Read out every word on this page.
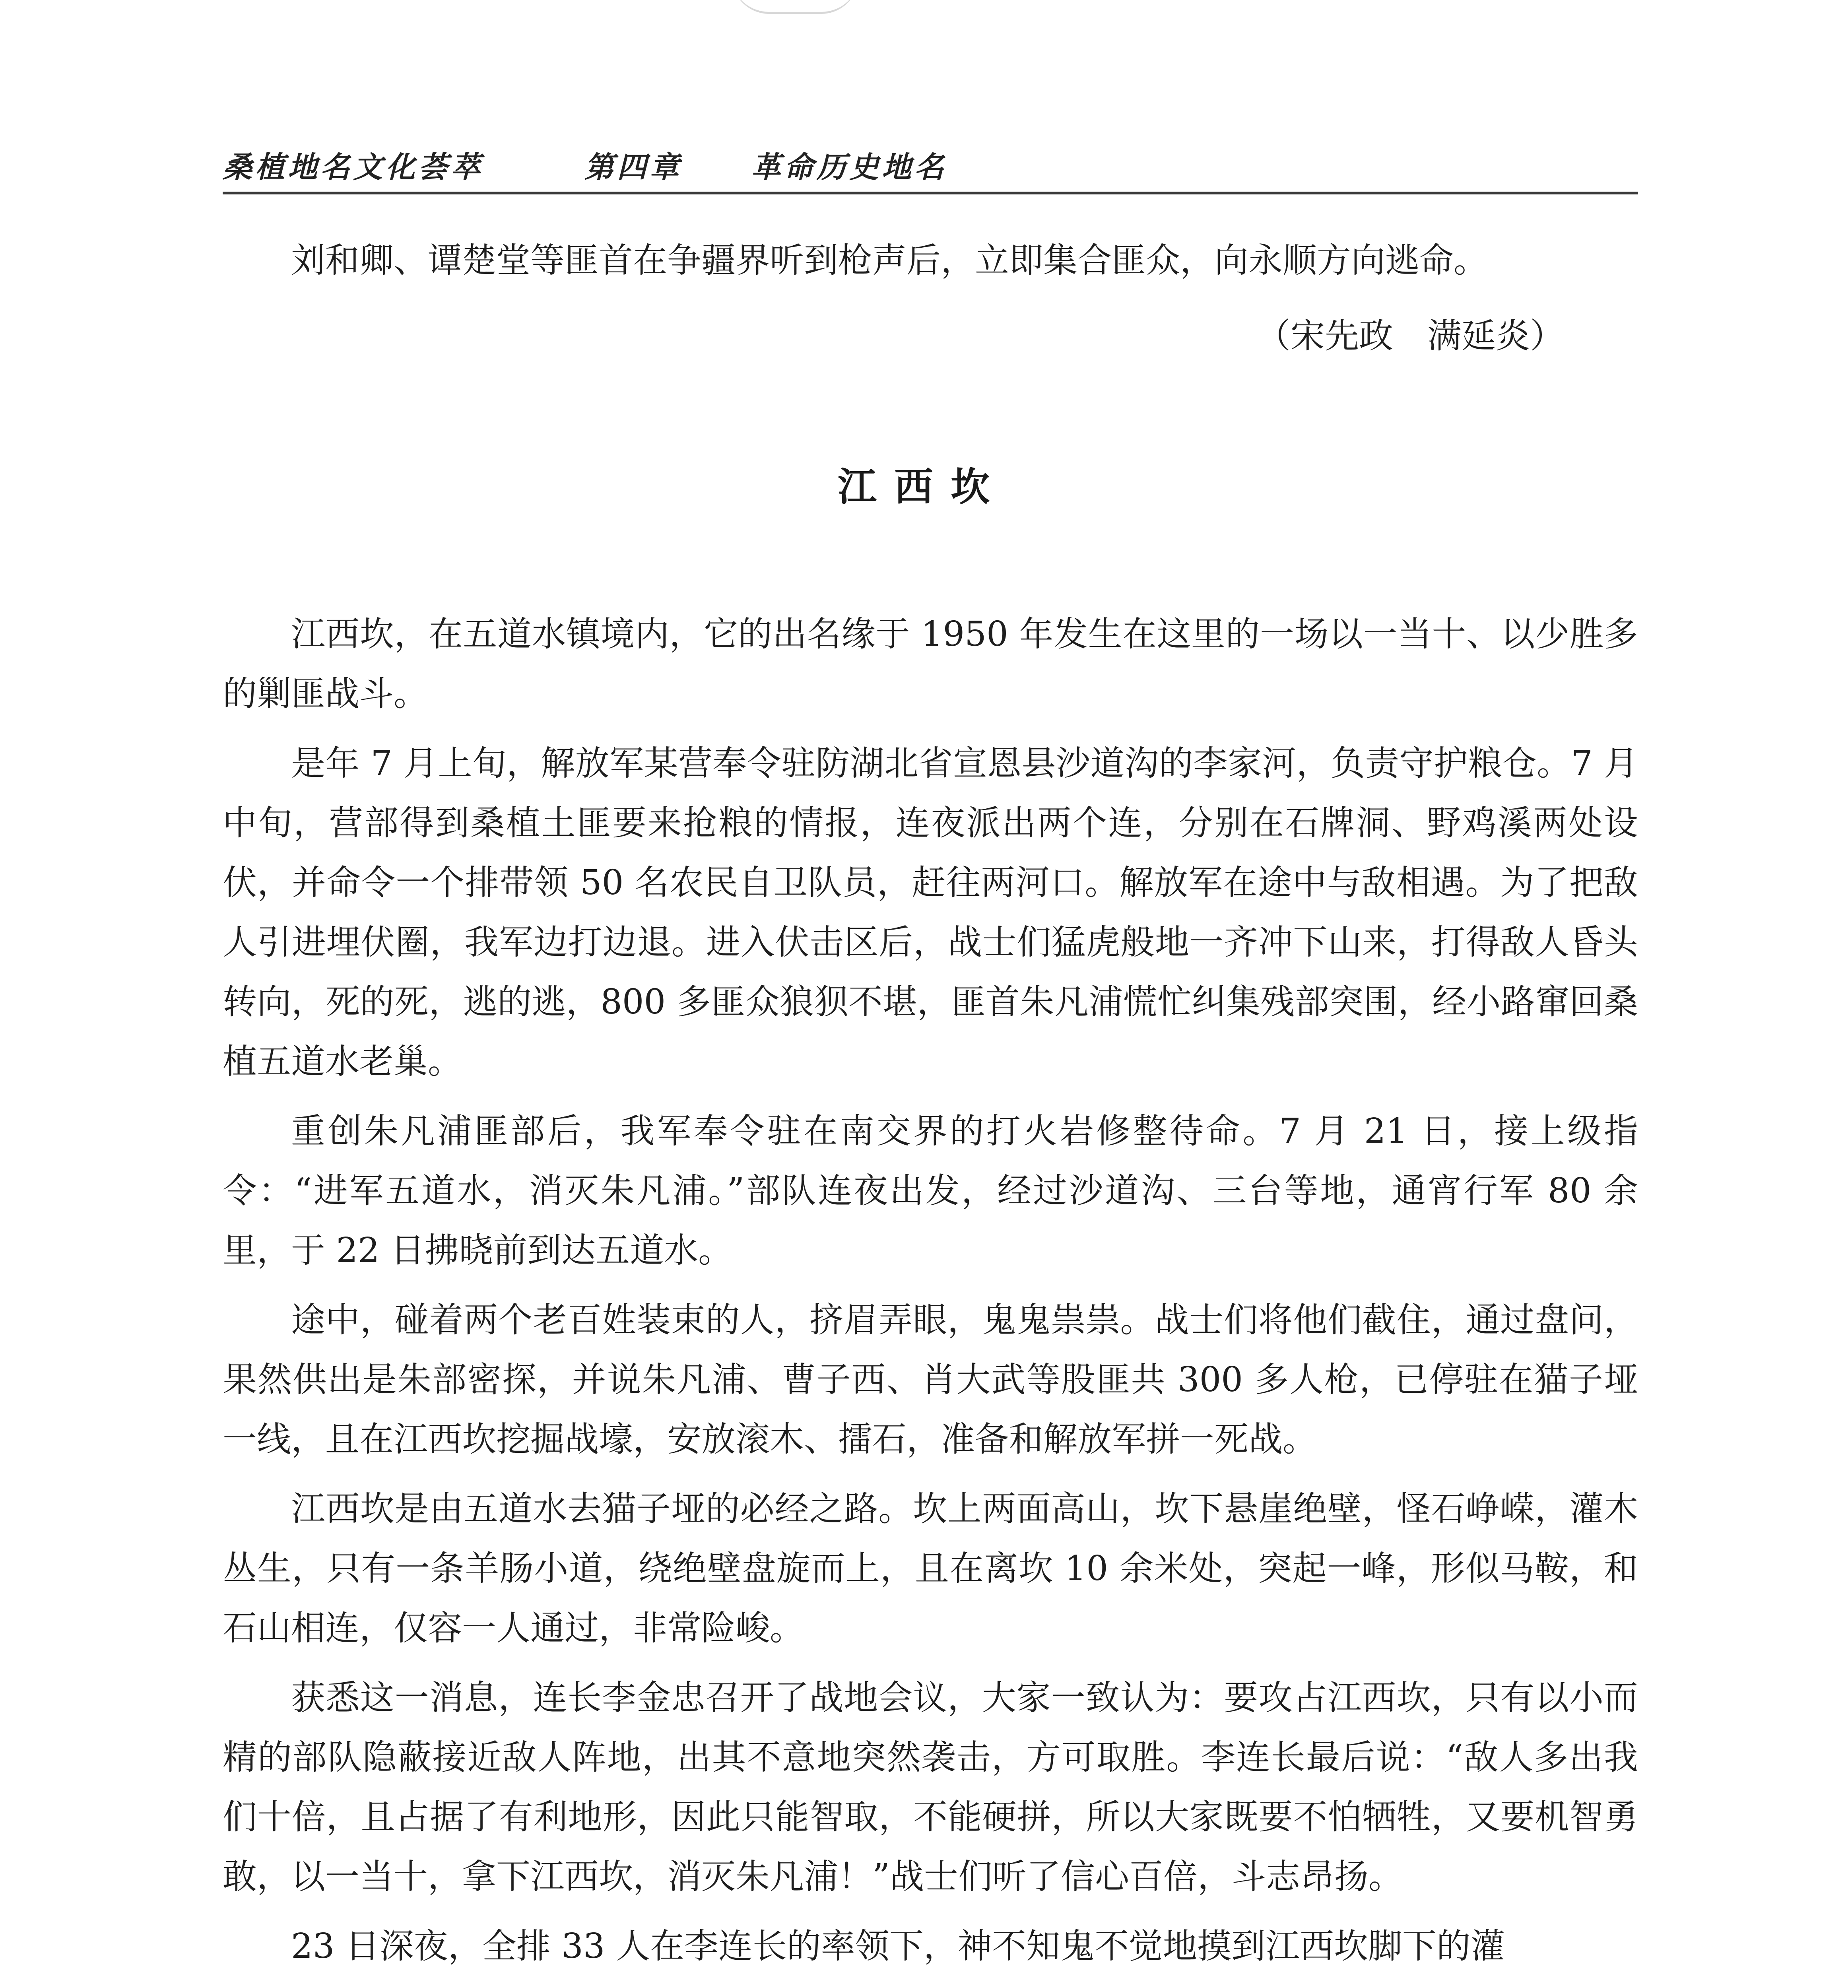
桑植地名文化荟萃	第四章	革命历史地名
刘和卿、谭楚堂等匪首在争疆界听到枪声后，立即集合匪众，向永顺方向逃命。
（宋先政　满延炎）
江西坎

江西坎，在五道水镇境内，它的出名缘于 1950 年发生在这里的一场以一当十、以少胜多的剿匪战斗。

是年 7 月上旬，解放军某营奉令驻防湖北省宣恩县沙道沟的李家河，负责守护粮仓。7 月中旬，营部得到桑植土匪要来抢粮的情报，连夜派出两个连，分别在石牌洞、野鸡溪两处设伏，并命令一个排带领 50 名农民自卫队员，赶往两河口。解放军在途中与敌相遇。为了把敌人引进埋伏圈，我军边打边退。进入伏击区后，战士们猛虎般地一齐冲下山来，打得敌人昏头转向，死的死，逃的逃，800 多匪众狼狈不堪，匪首朱凡浦慌忙纠集残部突围，经小路窜回桑植五道水老巢。

重创朱凡浦匪部后，我军奉令驻在南交界的打火岩修整待命。7 月 21 日，接上级指令：“进军五道水，消灭朱凡浦。”部队连夜出发，经过沙道沟、三台等地，通宵行军 80 余里，于 22 日拂晓前到达五道水。

途中，碰着两个老百姓装束的人，挤眉弄眼，鬼鬼祟祟。战士们将他们截住，通过盘问，果然供出是朱部密探，并说朱凡浦、曹子西、肖大武等股匪共 300 多人枪，已停驻在猫子垭一线，且在江西坎挖掘战壕，安放滚木、擂石，准备和解放军拼一死战。

江西坎是由五道水去猫子垭的必经之路。坎上两面高山，坎下悬崖绝壁，怪石峥嵘，灌木丛生，只有一条羊肠小道，绕绝壁盘旋而上，且在离坎 10 余米处，突起一峰，形似马鞍，和石山相连，仅容一人通过，非常险峻。

获悉这一消息，连长李金忠召开了战地会议，大家一致认为：要攻占江西坎，只有以小而精的部队隐蔽接近敌人阵地，出其不意地突然袭击，方可取胜。李连长最后说：“敌人多出我们十倍，且占据了有利地形，因此只能智取，不能硬拼，所以大家既要不怕牺牲，又要机智勇敢，以一当十，拿下江西坎，消灭朱凡浦！”战士们听了信心百倍，斗志昂扬。

23 日深夜，全排 33 人在李连长的率领下，神不知鬼不觉地摸到江西坎脚下的灌
